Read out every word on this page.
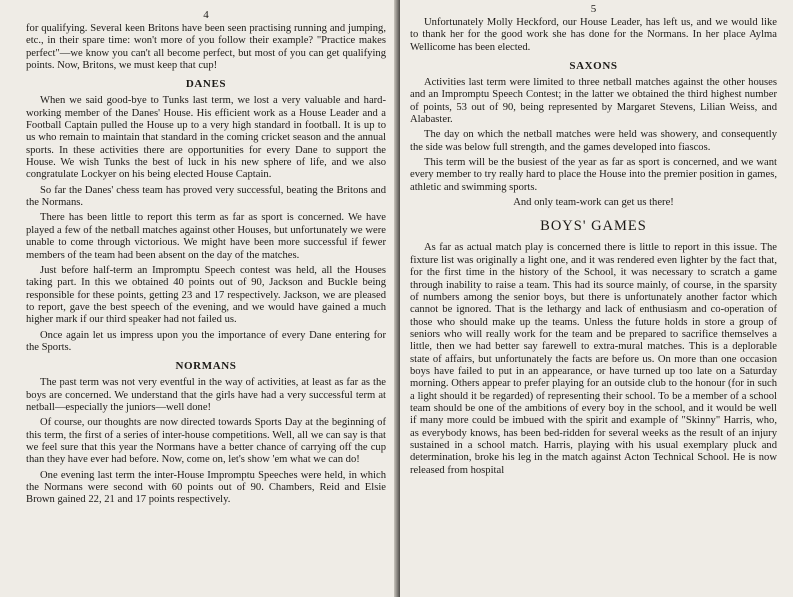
4

for qualifying. Several keen Britons have been seen practising running and jumping, etc., in their spare time: won't more of you follow their example? "Practice makes perfect"—we know you can't all become perfect, but most of you can get qualifying points. Now, Britons, we must keep that cup!

DANES

When we said good-bye to Tunks last term, we lost a very valuable and hard-working member of the Danes' House. His efficient work as a House Leader and a Football Captain pulled the House up to a very high standard in football. It is up to us who remain to maintain that standard in the coming cricket season and the annual sports. In these activities there are opportunities for every Dane to support the House. We wish Tunks the best of luck in his new sphere of life, and we also congratulate Lockyer on his being elected House Captain.

So far the Danes' chess team has proved very successful, beating the Britons and the Normans.

There has been little to report this term as far as sport is concerned. We have played a few of the netball matches against other Houses, but unfortunately we were unable to come through victorious. We might have been more successful if fewer members of the team had been absent on the day of the matches.

Just before half-term an Impromptu Speech contest was held, all the Houses taking part. In this we obtained 40 points out of 90, Jackson and Buckle being responsible for these points, getting 23 and 17 respectively. Jackson, we are pleased to report, gave the best speech of the evening, and we would have gained a much higher mark if our third speaker had not failed us.

Once again let us impress upon you the importance of every Dane entering for the Sports.

NORMANS

The past term was not very eventful in the way of activities, at least as far as the boys are concerned. We understand that the girls have had a very successful term at netball—especially the juniors—well done!

Of course, our thoughts are now directed towards Sports Day at the beginning of this term, the first of a series of inter-house competitions. Well, all we can say is that we feel sure that this year the Normans have a better chance of carrying off the cup than they have ever had before. Now, come on, let's show 'em what we can do!

One evening last term the inter-House Impromptu Speeches were held, in which the Normans were second with 60 points out of 90. Chambers, Reid and Elsie Brown gained 22, 21 and 17 points respectively.

5

Unfortunately Molly Heckford, our House Leader, has left us, and we would like to thank her for the good work she has done for the Normans. In her place Aylma Wellicome has been elected.

SAXONS

Activities last term were limited to three netball matches against the other houses and an Impromptu Speech Contest; in the latter we obtained the third highest number of points, 53 out of 90, being represented by Margaret Stevens, Lilian Weiss, and Alabaster.

The day on which the netball matches were held was showery, and consequently the side was below full strength, and the games developed into fiascos.

This term will be the busiest of the year as far as sport is concerned, and we want every member to try really hard to place the House into the premier position in games, athletic and swimming sports.

And only team-work can get us there!

BOYS' GAMES

As far as actual match play is concerned there is little to report in this issue. The fixture list was originally a light one, and it was rendered even lighter by the fact that, for the first time in the history of the School, it was necessary to scratch a game through inability to raise a team. This had its source mainly, of course, in the sparsity of numbers among the senior boys, but there is unfortunately another factor which cannot be ignored. That is the lethargy and lack of enthusiasm and co-operation of those who should make up the teams. Unless the future holds in store a group of seniors who will really work for the team and be prepared to sacrifice themselves a little, then we had better say farewell to extra-mural matches. This is a deplorable state of affairs, but unfortunately the facts are before us. On more than one occasion boys have failed to put in an appearance, or have turned up too late on a Saturday morning. Others appear to prefer playing for an outside club to the honour (for in such a light should it be regarded) of representing their school. To be a member of a school team should be one of the ambitions of every boy in the school, and it would be well if many more could be imbued with the spirit and example of "Skinny" Harris, who, as everybody knows, has been bed-ridden for several weeks as the result of an injury sustained in a school match. Harris, playing with his usual exemplary pluck and determination, broke his leg in the match against Acton Technical School. He is now released from hospital
